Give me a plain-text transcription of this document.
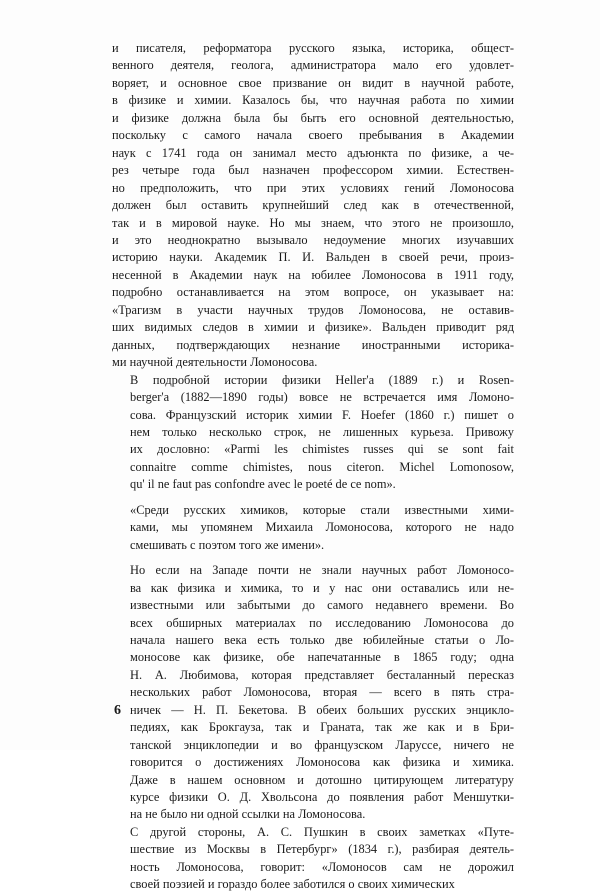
и писателя, реформатора русского языка, историка, общест-
венного деятеля, геолога, администратора мало его удовлет-
воряет, и основное свое призвание он видит в научной работе,
в физике и химии. Казалось бы, что научная работа по химии
и физике должна была бы быть его основной деятельностью,
поскольку с самого начала своего пребывания в Академии
наук с 1741 года он занимал место адъюнкта по физике, а че-
рез четыре года был назначен профессором химии. Естествен-
но предположить, что при этих условиях гений Ломоносова
должен был оставить крупнейший след как в отечественной,
так и в мировой науке. Но мы знаем, что этого не произошло,
и это неоднократно вызывало недоумение многих изучавших
историю науки. Академик П. И. Вальден в своей речи, произ-
несенной в Академии наук на юбилее Ломоносова в 1911 году,
подробно останавливается на этом вопросе, он указывает на:
«Трагизм в участи научных трудов Ломоносова, не оставив-
ших видимых следов в химии и физике». Вальден приводит ряд
данных, подтверждающих незнание иностранными историка-
ми научной деятельности Ломоносова.
В подробной истории физики Heller'a (1889 г.) и Rosen-
berger'a (1882—1890 годы) вовсе не встречается имя Ломоно-
сова. Французский историк химии F. Hoefer (1860 г.) пишет о
нем только несколько строк, не лишенных курьеза. Привожу
их дословно: «Parmi les chimistes russes qui se sont fait
connaitre comme chimistes, nous citeron. Michel Lomonosow,
qu' il ne faut pas confondre avec le poeté de ce nom».
«Среди русских химиков, которые стали известными хими-
ками, мы упомянем Михаила Ломоносова, которого не надо
смешивать с поэтом того же имени».
Но если на Западе почти не знали научных работ Ломоносо-
ва как физика и химика, то и у нас они оставались или не-
известными или забытыми до самого недавнего времени. Во
всех обширных материалах по исследованию Ломоносова до
начала нашего века есть только две юбилейные статьи о Ло-
моносове как физике, обе напечатанные в 1865 году; одна
Н. А. Любимова, которая представляет бесталанный пересказ
нескольких работ Ломоносова, вторая — всего в пять стра-
ничек — Н. П. Бекетова. В обеих больших русских энцикло-
педиях, как Брокгауза, так и Граната, так же как и в Бри-
танской энциклопедии и во французском Ларуссе, ничего не
говорится о достижениях Ломоносова как физика и химика.
Даже в нашем основном и дотошно цитирующем литературу
курсе физики О. Д. Хвольсона до появления работ Меншутки-
на не было ни одной ссылки на Ломоносова.
С другой стороны, А. С. Пушкин в своих заметках «Путе-
шествие из Москвы в Петербург» (1834 г.), разбирая деятель-
ность Ломоносова, говорит: «Ломоносов сам не дорожил
своей поэзией и гораздо более заботился о своих химических
6
